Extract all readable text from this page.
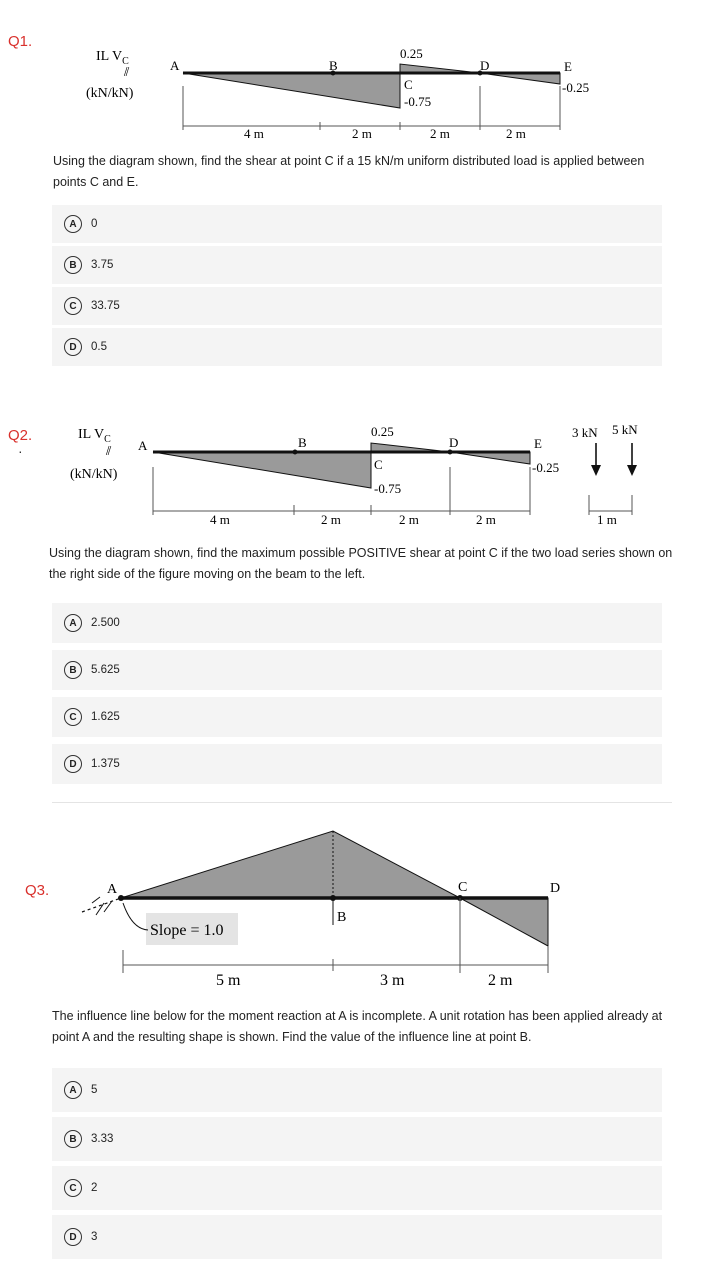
Q1.
IL $V_C$
⫽
(kN/kN)
A	B
0.25
C
-0.75
D	E
-0.25
4 m	2 m	2 m	2 m
Using the diagram shown, find the shear at point C if a 15 kN/m uniform distributed load is applied between points C and E.
A	0
B	3.75
C	33.75
D	0.5
Q2.
·
IL $V_C$
⫽
(kN/kN)
A	B
0.25
C
-0.75
D	E
-0.25
3 kN 5 kN
4 m	2 m	2 m	2 m	1 m
Using the diagram shown, find the maximum possible POSITIVE shear at point C if the two load series shown on the right side of the figure moving on the beam to the left.
A	2.500
B	5.625
C	1.625
D	1.375
Q3.	A
B
C	D
Slope = 1.0
5 m	3 m	2 m
The influence line below for the moment reaction at A is incomplete. A unit rotation has been applied already at point A and the resulting shape is shown. Find the value of the influence line at point B.
A	5
B	3.33
C	2
D	3
